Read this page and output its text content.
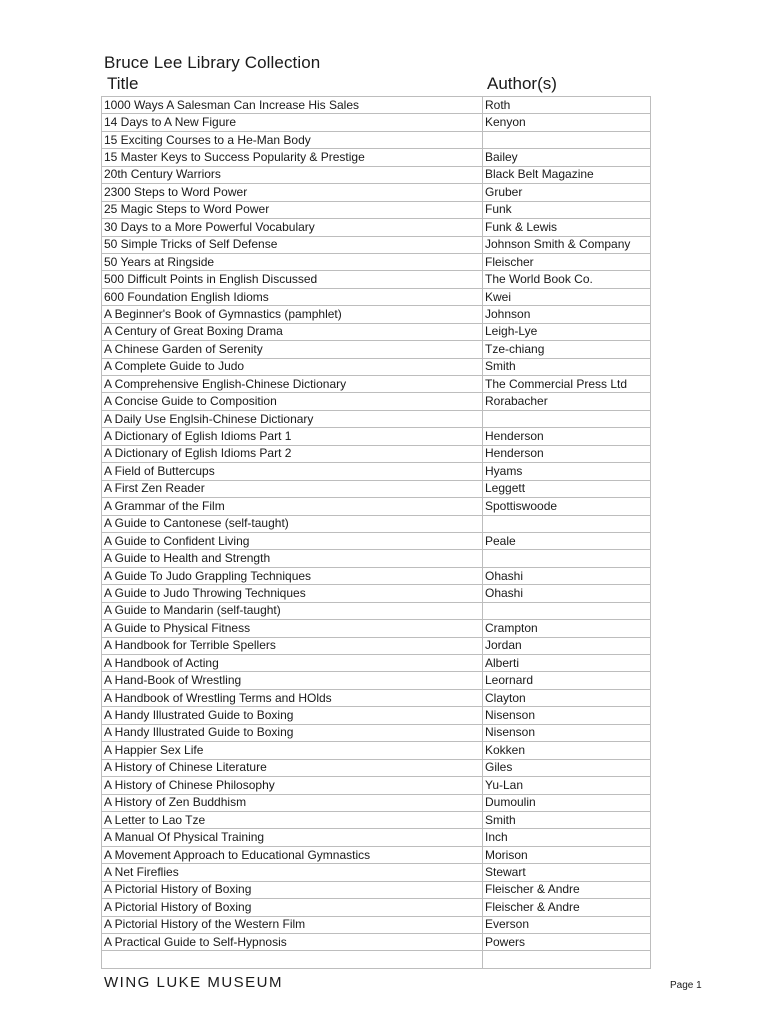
Bruce Lee Library Collection
Title	Author(s)
1000 Ways A Salesman Can Increase His Sales	Roth
14 Days to A New Figure	Kenyon
15 Exciting Courses to a He-Man Body	
15 Master Keys to Success Popularity & Prestige	Bailey
20th Century Warriors	Black Belt Magazine
2300 Steps to Word Power	Gruber
25 Magic Steps to Word Power	Funk
30 Days to a More Powerful Vocabulary	Funk & Lewis
50 Simple Tricks of Self Defense	Johnson Smith & Company
50 Years at Ringside	Fleischer
500 Difficult Points in English Discussed	The World Book Co.
600 Foundation English Idioms	Kwei
A Beginner's Book of Gymnastics (pamphlet)	Johnson
A Century of Great Boxing Drama	Leigh-Lye
A Chinese Garden of Serenity	Tze-chiang
A Complete Guide to Judo	Smith
A Comprehensive English-Chinese Dictionary	The Commercial Press Ltd
A Concise Guide to Composition	Rorabacher
A Daily Use Englsih-Chinese Dictionary	
A Dictionary of Eglish Idioms Part 1	Henderson
A Dictionary of Eglish Idioms Part 2	Henderson
A Field of Buttercups	Hyams
A First Zen Reader	Leggett
A Grammar of the Film	Spottiswoode
A Guide to Cantonese (self-taught)	
A Guide to Confident Living	Peale
A Guide to Health and Strength	
A Guide To Judo Grappling Techniques	Ohashi
A Guide to Judo Throwing Techniques	Ohashi
A Guide to Mandarin (self-taught)	
A Guide to Physical Fitness	Crampton
A Handbook for Terrible Spellers	Jordan
A Handbook of Acting	Alberti
A Hand-Book of Wrestling	Leornard
A Handbook of Wrestling Terms and HOlds	Clayton
A Handy Illustrated Guide to Boxing	Nisenson
A Handy Illustrated Guide to Boxing	Nisenson
A Happier Sex Life	Kokken
A History of Chinese Literature	Giles
A History of Chinese Philosophy	Yu-Lan
A History of Zen Buddhism	Dumoulin
A Letter to Lao Tze	Smith
A Manual Of Physical Training	Inch
A Movement Approach to Educational Gymnastics	Morison
A Net Fireflies	Stewart
A Pictorial History of Boxing	Fleischer & Andre
A Pictorial History of Boxing	Fleischer & Andre
A Pictorial History of the Western Film	Everson
A Practical Guide to Self-Hypnosis	Powers

WING LUKE MUSEUM	Page 1
